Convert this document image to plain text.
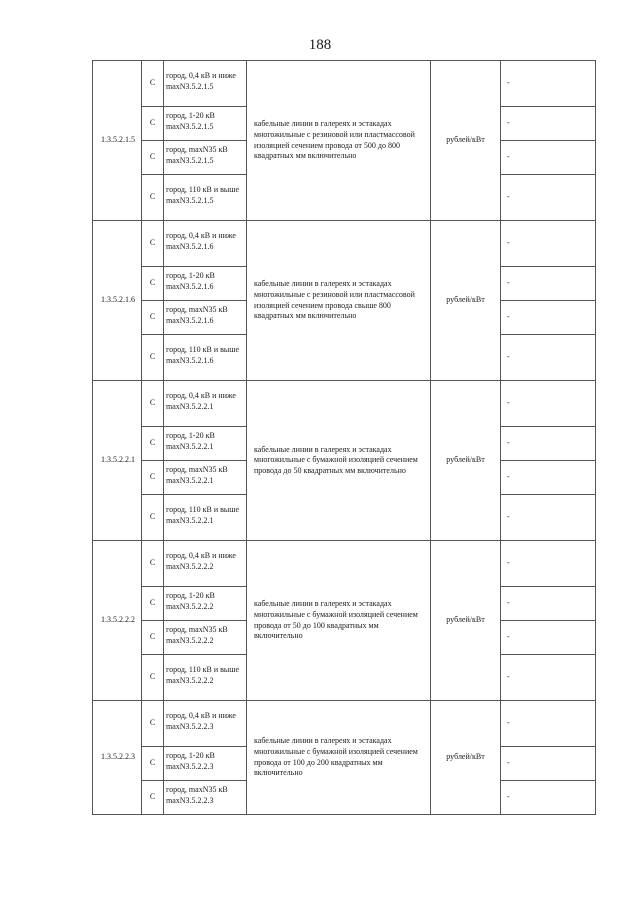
188
1.3.5.2.1.5	С	город, 0,4 кВ и ниже maxN3.5.2.1.5	кабельные линии в галереях и эстакадах многожильные с резиновой или пластмассовой изоляцией сечением провода от 500 до 800 квадратных мм включительно	рублей/кВт	-
	С	город, 1-20 кВ maxN3.5.2.1.5			-
	С	город, maxN35 кВ maxN3.5.2.1.5			-
	С	город, 110 кВ и выше maxN3.5.2.1.5			-
1.3.5.2.1.6	С	город, 0,4 кВ и ниже maxN3.5.2.1.6	кабельные линии в галереях и эстакадах многожильные с резиновой или пластмассовой изоляцией сечением провода свыше 800 квадратных мм включительно	рублей/кВт	-
	С	город, 1-20 кВ maxN3.5.2.1.6			-
	С	город, maxN35 кВ maxN3.5.2.1.6			-
	С	город, 110 кВ и выше maxN3.5.2.1.6			-
1.3.5.2.2.1	С	город, 0,4 кВ и ниже maxN3.5.2.2.1	кабельные линии в галереях и эстакадах многожильные с бумажной изоляцией сечением провода до 50 квадратных мм включительно	рублей/кВт	-
	С	город, 1-20 кВ maxN3.5.2.2.1			-
	С	город, maxN35 кВ maxN3.5.2.2.1			-
	С	город, 110 кВ и выше maxN3.5.2.2.1			-
1.3.5.2.2.2	С	город, 0,4 кВ и ниже maxN3.5.2.2.2	кабельные линии в галереях и эстакадах многожильные с бумажной изоляцией сечением провода от 50 до 100 квадратных мм включительно	рублей/кВт	-
	С	город, 1-20 кВ maxN3.5.2.2.2			-
	С	город, maxN35 кВ maxN3.5.2.2.2			-
	С	город, 110 кВ и выше maxN3.5.2.2.2			-
1.3.5.2.2.3	С	город, 0,4 кВ и ниже maxN3.5.2.2.3	кабельные линии в галереях и эстакадах многожильные с бумажной изоляцией сечением провода от 100 до 200 квадратных мм включительно	рублей/кВт	-
	С	город, 1-20 кВ maxN3.5.2.2.3			-
	С	город, maxN35 кВ maxN3.5.2.2.3			-
